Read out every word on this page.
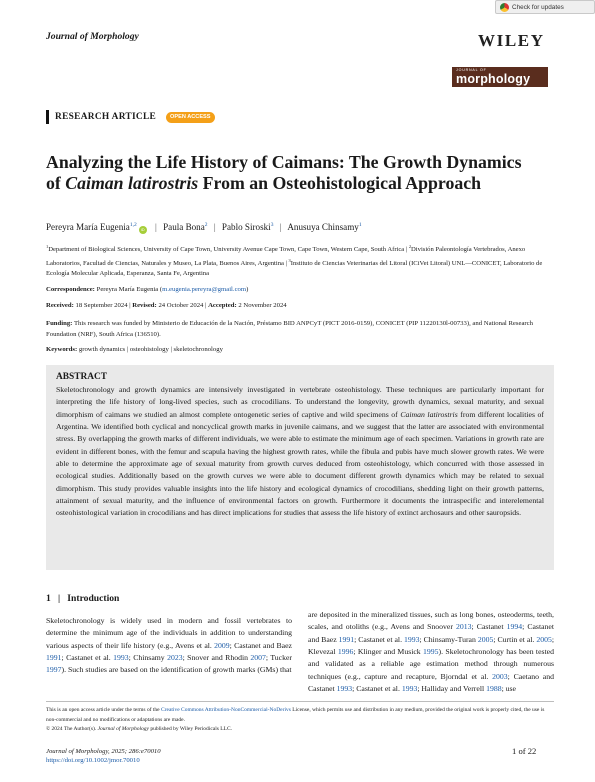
Check for updates
Journal of Morphology	WILEY
JOURNAL OF
morphology
RESEARCH ARTICLE	OPEN ACCESS
Analyzing the Life History of Caimans: The Growth Dynamics of Caiman latirostris From an Osteohistological Approach
Pereyra María Eugenia$^{1,2}$iD | Paula Bona$^2$ | Pablo Siroski$^3$ | Anusuya Chinsamy$^1$
$^1$Department of Biological Sciences, University of Cape Town, University Avenue Cape Town, Cape Town, Western Cape, South Africa | $^2$División Paleontología Vertebrados, Anexo Laboratorios, Facultad de Ciencias, Naturales y Museo, La Plata, Buenos Aires, Argentina | $^3$Instituto de Ciencias Veterinarias del Litoral (ICiVet Litoral) UNL—CONICET, Laboratorio de Ecología Molecular Aplicada, Esperanza, Santa Fe, Argentina
Correspondence: Pereyra María Eugenia (m.eugenia.pereyra@gmail.com)
Received: 18 September 2024 | Revised: 24 October 2024 | Accepted: 2 November 2024
Funding: This research was funded by Ministerio de Educación de la Nación, Préstamo BID ANPCyT (PICT 2016-0159), CONICET (PIP 11220130l-00733), and National Research Foundation (NRF), South Africa (136510).
Keywords: growth dynamics | osteohistology | skeletochronology
ABSTRACT

Skeletochronology and growth dynamics are intensively investigated in vertebrate osteohistology. These techniques are particularly important for interpreting the life history of long-lived species, such as crocodilians. To understand the longevity, growth dynamics, sexual maturity, and sexual dimorphism of caimans we studied an almost complete ontogenetic series of captive and wild specimens of Caiman latirostris from different localities of Argentina. We identified both cyclical and noncyclical growth marks in juvenile caimans, and we suggest that the latter are associated with environmental stress. By overlapping the growth marks of different individuals, we were able to estimate the minimum age of each specimen. Variations in growth rate are evident in different bones, with the femur and scapula having the highest growth rates, while the fibula and pubis have much slower growth rates. We were able to determine the approximate age of sexual maturity from growth curves deduced from osteohistology, which concurred with those assessed in ecological studies. Additionally based on the growth curves we were able to document different growth dynamics which may be related to sexual dimorphism. This study provides valuable insights into the life history and ecological dynamics of crocodilians, shedding light on their growth patterns, attainment of sexual maturity, and the influence of environmental factors on growth. Furthermore it documents the intraspecific and interelemental osteohistological variation in crocodilians and has direct implications for studies that assess the life history of extinct archosaurs and other sauropsids.

1   |   Introduction

Skeletochronology is widely used in modern and fossil vertebrates to determine the minimum age of the individuals in addition to understanding various aspects of their life history (e.g., Avens et al. 2009; Castanet and Baez 1991; Castanet et al. 1993; Chinsamy 2023; Snover and Rhodin 2007; Tucker 1997). Such studies are based on the identification of growth marks (GMs) that

are deposited in the mineralized tissues, such as long bones, osteoderms, teeth, scales, and otoliths (e.g., Avens and Snoover 2013; Castanet 1994; Castanet and Baez 1991; Castanet et al. 1993; Chinsamy-Turan 2005; Curtin et al. 2005; Klevezal 1996; Klinger and Musick 1995). Skeletochronology has been tested and validated as a reliable age estimation method through numerous techniques (e.g., capture and recapture, Bjorndal et al. 2003; Caetano and Castanet 1993; Castanet et al. 1993; Halliday and Verrell 1988; use

This is an open access article under the terms of the Creative Commons Attribution-NonCommercial-NoDerivs License, which permits use and distribution in any medium, provided the original work is properly cited, the use is non-commercial and no modifications or adaptations are made.
© 2024 The Author(s). Journal of Morphology published by Wiley Periodicals LLC.
Journal of Morphology, 2025; 286:e70010
https://doi.org/10.1002/jmor.70010
1 of 22
